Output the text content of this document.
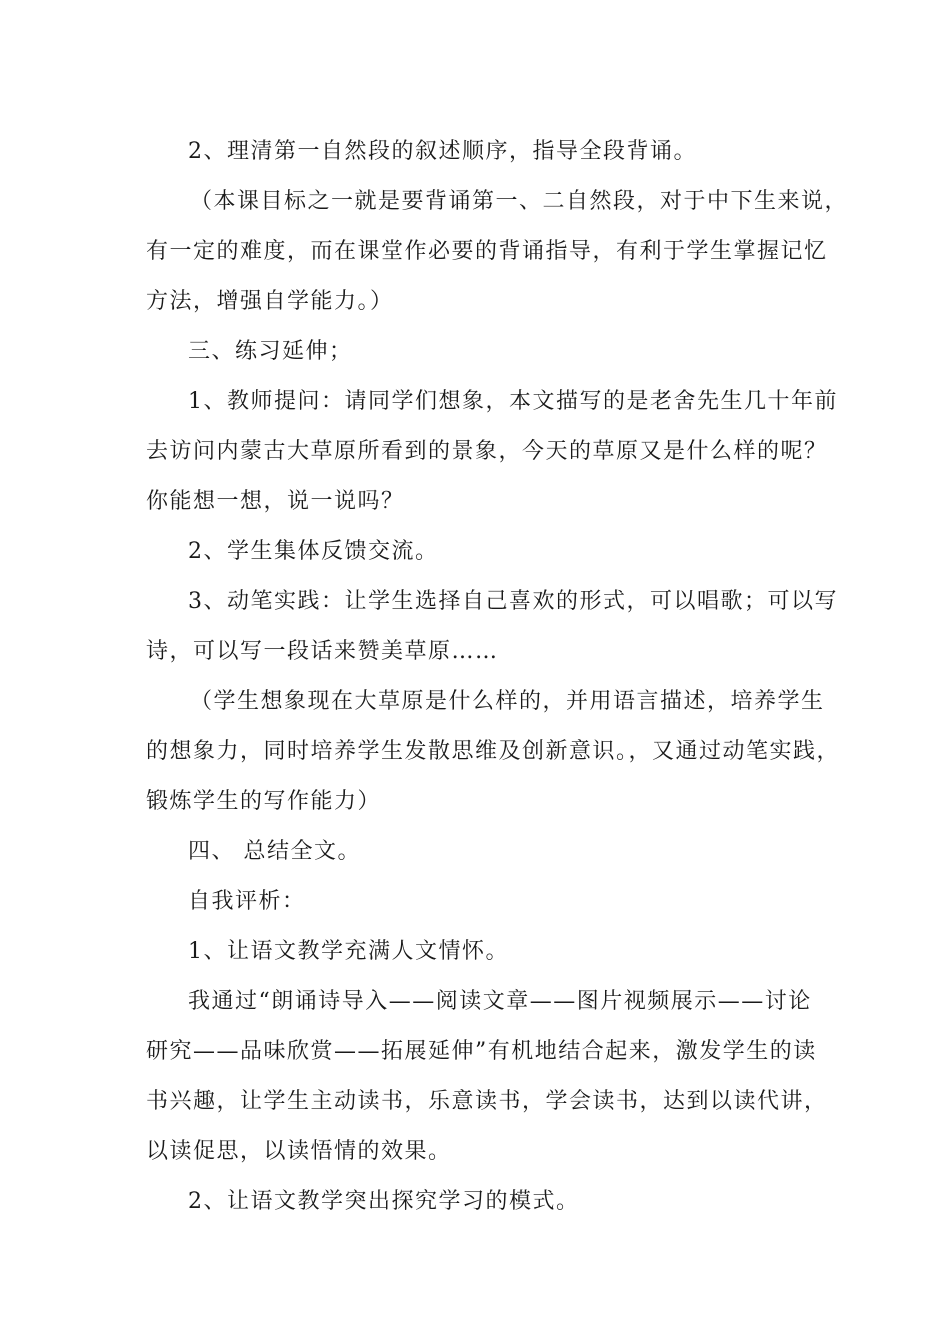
2、理清第一自然段的叙述顺序，指导全段背诵。
（本课目标之一就是要背诵第一、二自然段，对于中下生来说，
有一定的难度，而在课堂作必要的背诵指导，有利于学生掌握记忆
方法，增强自学能力。）
三、练习延伸；
1、教师提问：请同学们想象，本文描写的是老舍先生几十年前
去访问内蒙古大草原所看到的景象，今天的草原又是什么样的呢？
你能想一想，说一说吗？
2、学生集体反馈交流。
3、动笔实践：让学生选择自己喜欢的形式，可以唱歌；可以写
诗，可以写一段话来赞美草原……
（学生想象现在大草原是什么样的，并用语言描述，培养学生
的想象力，同时培养学生发散思维及创新意识。，又通过动笔实践，
锻炼学生的写作能力）
四、 总结全文。
自我评析：
1、让语文教学充满人文情怀。
我通过“朗诵诗导入——阅读文章——图片视频展示——讨论
研究——品味欣赏——拓展延伸”有机地结合起来，激发学生的读
书兴趣，让学生主动读书，乐意读书，学会读书，达到以读代讲，
以读促思，以读悟情的效果。
2、让语文教学突出探究学习的模式。
